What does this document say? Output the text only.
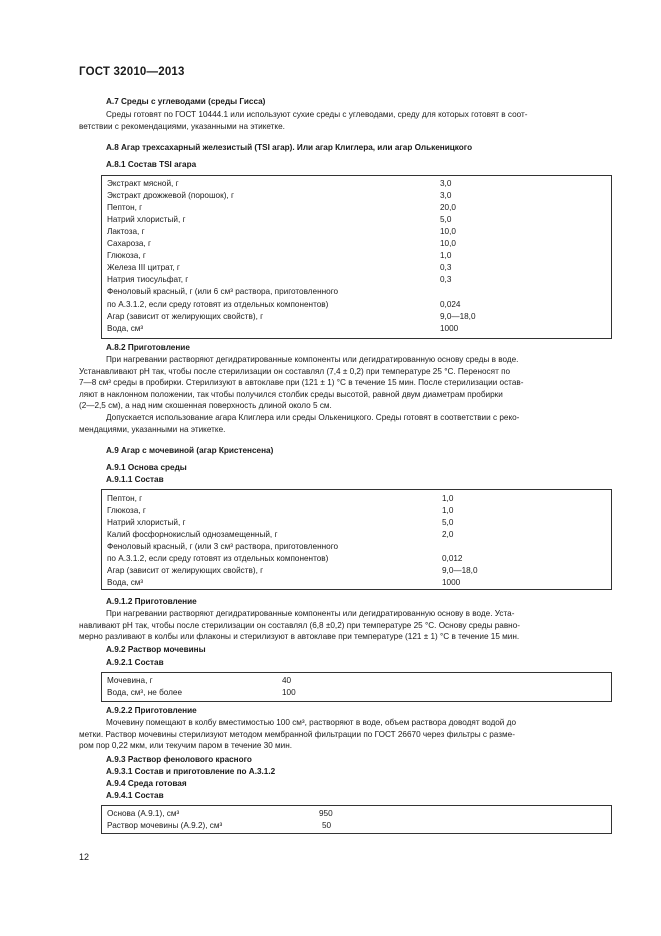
ГОСТ 32010—2013
А.7 Среды с углеводами (среды Гисса)
Среды готовят по ГОСТ 10444.1 или используют сухие среды с углеводами, среду для которых готовят в соот-
ветствии с рекомендациями, указанными на этикетке.
А.8 Агар трехсахарный железистый (TSI агар). Или агар Клиглера, или агар Олькеницкого
А.8.1 Состав TSI агара
Экстракт мясной, г	3,0
Экстракт дрожжевой (порошок), г	3,0
Пептон, г	20,0
Натрий хлористый, г	5,0
Лактоза, г	10,0
Сахароза, г	10,0
Глюкоза, г	1,0
Железа III цитрат, г	0,3
Натрия тиосульфат, г	0,3
Феноловый красный, г (или 6 см³ раствора, приготовленного
по А.3.1.2, если среду готовят из отдельных компонентов)	0,024
Агар (зависит от желирующих свойств), г	9,0—18,0
Вода, см³	1000
А.8.2 Приготовление
При нагревании растворяют дегидратированные компоненты или дегидратированную основу среды в воде.
Устанавливают pH так, чтобы после стерилизации он составлял (7,4 ± 0,2) при температуре 25 °С. Переносят по
7—8 см³ среды в пробирки. Стерилизуют в автоклаве при (121 ± 1) °С в течение 15 мин. После стерилизации остав-
ляют в наклонном положении, так чтобы получился столбик среды высотой, равной двум диаметрам пробирки
(2—2,5 см), а над ним скошенная поверхность длиной около 5 см.
Допускается использование агара Клиглера или среды Олькеницкого. Среды готовят в соответствии с реко-
мендациями, указанными на этикетке.
А.9 Агар с мочевиной (агар Кристенсена)
А.9.1 Основа среды
А.9.1.1 Состав
Пептон, г	1,0
Глюкоза, г	1,0
Натрий хлористый, г	5,0
Калий фосфорнокислый однозамещенный, г	2,0
Феноловый красный, г (или 3 см³ раствора, приготовленного
по А.3.1.2, если среду готовят из отдельных компонентов)	0,012
Агар (зависит от желирующих свойств), г	9,0—18,0
Вода, см³	1000
А.9.1.2 Приготовление
При нагревании растворяют дегидратированные компоненты или дегидратированную основу в воде. Уста-
навливают pH так, чтобы после стерилизации он составлял (6,8 ±0,2) при температуре 25 °С. Основу среды равно-
мерно разливают в колбы или флаконы и стерилизуют в автоклаве при температуре (121 ± 1) °С в течение 15 мин.
А.9.2 Раствор мочевины
А.9.2.1 Состав
Мочевина, г	40
Вода, см³, не более	100
А.9.2.2 Приготовление
Мочевину помещают в колбу вместимостью 100 см³, растворяют в воде, объем раствора доводят водой до
метки. Раствор мочевины стерилизуют методом мембранной фильтрации по ГОСТ 26670 через фильтры с разме-
ром пор 0,22 мкм, или текучим паром в течение 30 мин.
А.9.3 Раствор фенолового красного
А.9.3.1 Состав и приготовление по А.3.1.2
А.9.4 Среда готовая
А.9.4.1 Состав
Основа (А.9.1), см³	950
Раствор мочевины (А.9.2), см³	50
12
